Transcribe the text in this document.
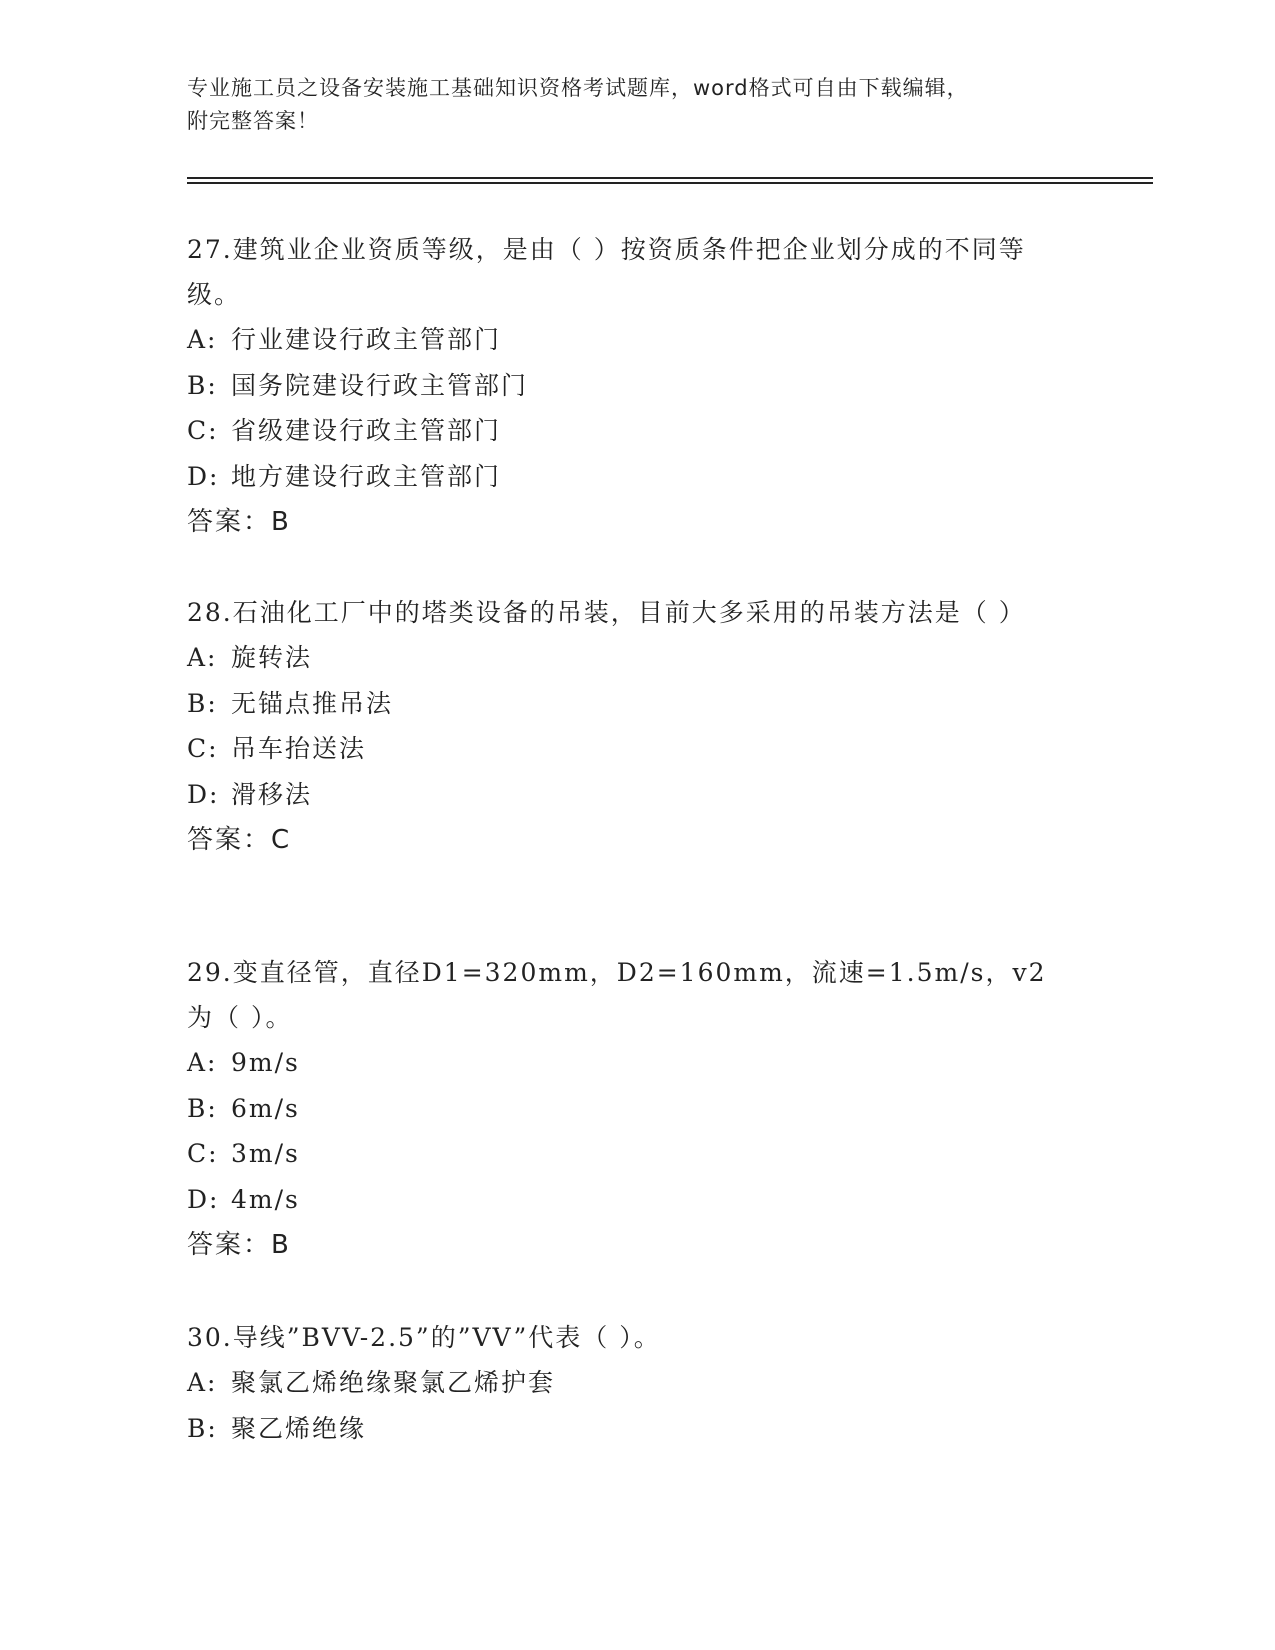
专业施工员之设备安装施工基础知识资格考试题库，word格式可自由下载编辑，
附完整答案！

27.建筑业企业资质等级，是由（ ）按资质条件把企业划分成的不同等级。

A: 行业建设行政主管部门

B: 国务院建设行政主管部门

C: 省级建设行政主管部门

D: 地方建设行政主管部门

答案：B

28.石油化工厂中的塔类设备的吊装，目前大多采用的吊装方法是（ ）

A: 旋转法

B: 无锚点推吊法

C: 吊车抬送法

D: 滑移法

答案：C

29.变直径管，直径D1=320mm，D2=160mm，流速=1.5m/s，v2为（ ）。

A: 9m/s

B: 6m/s

C: 3m/s

D: 4m/s

答案：B

30.导线”BVV-2.5”的”VV”代表（ ）。

A: 聚氯乙烯绝缘聚氯乙烯护套

B: 聚乙烯绝缘
